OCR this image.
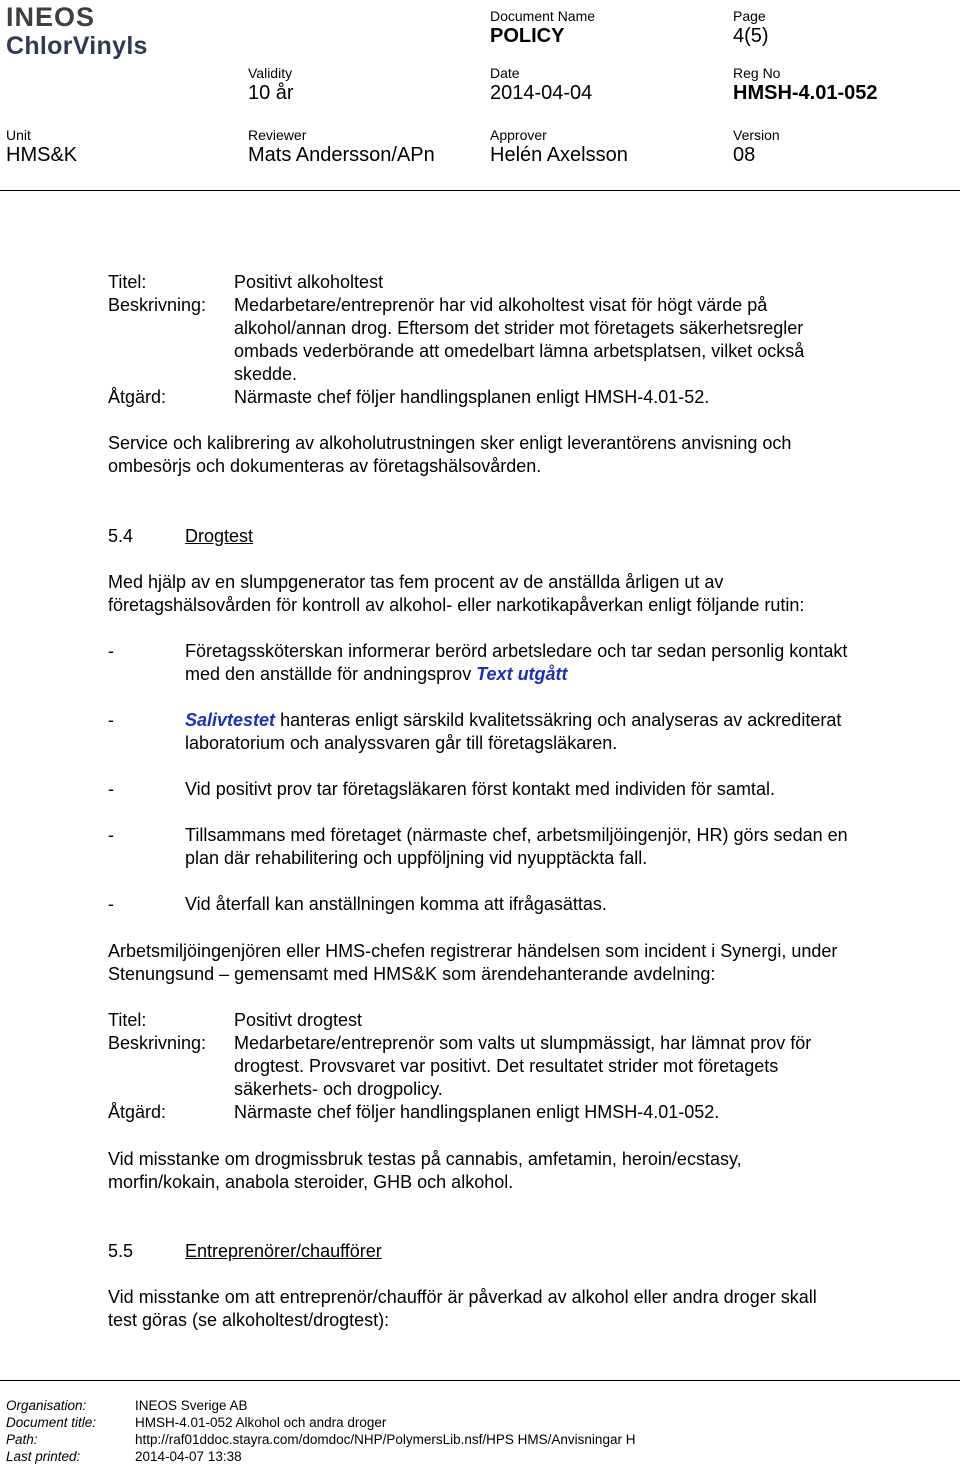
INEOS
ChlorVinyls
Document Name
POLICY
Page
4(5)
Validity
10 år
Date
2014-04-04
Reg No
HMSH-4.01-052
Unit
HMS&K
Reviewer
Mats Andersson/APn
Approver
Helén Axelsson
Version
08
Titel:	Positivt alkoholtest
Beskrivning: Medarbetare/entreprenör har vid alkoholtest visat för högt värde på
alkohol/annan drog. Eftersom det strider mot företagets säkerhetsregler
ombads vederbörande att omedelbart lämna arbetsplatsen, vilket också
skedde.
Åtgärd:	Närmaste chef följer handlingsplanen enligt HMSH-4.01-52.
Service och kalibrering av alkoholutrustningen sker enligt leverantörens anvisning och
ombesörjs och dokumenteras av företagshälsovården.
5.4	Drogtest
Med hjälp av en slumpgenerator tas fem procent av de anställda årligen ut av
företagshälsovården för kontroll av alkohol- eller narkotikapåverkan enligt följande rutin:
-	Företagssköterskan informerar berörd arbetsledare och tar sedan personlig kontakt
med den anställde för andningsprov Text utgått
-	Salivtestet hanteras enligt särskild kvalitetssäkring och analyseras av ackrediterat
laboratorium och analyssvaren går till företagsläkaren.
-	Vid positivt prov tar företagsläkaren först kontakt med individen för samtal.
-	Tillsammans med företaget (närmaste chef, arbetsmiljöingenjör, HR) görs sedan en
plan där rehabilitering och uppföljning vid nyupptäckta fall.
-	Vid återfall kan anställningen komma att ifrågasättas.
Arbetsmiljöingenjören eller HMS-chefen registrerar händelsen som incident i Synergi, under
Stenungsund – gemensamt med HMS&K som ärendehanterande avdelning:
Titel:	Positivt drogtest
Beskrivning: Medarbetare/entreprenör som valts ut slumpmässigt, har lämnat prov för
drogtest. Provsvaret var positivt. Det resultatet strider mot företagets
säkerhets- och drogpolicy.
Åtgärd:	Närmaste chef följer handlingsplanen enligt HMSH-4.01-052.
Vid misstanke om drogmissbruk testas på cannabis, amfetamin, heroin/ecstasy,
morfin/kokain, anabola steroider, GHB och alkohol.
5.5	Entreprenörer/chaufförer
Vid misstanke om att entreprenör/chaufför är påverkad av alkohol eller andra droger skall
test göras (se alkoholtest/drogtest):
Organisation:	INEOS Sverige AB
Document title:	HMSH-4.01-052 Alkohol och andra droger
Path:	http://raf01ddoc.stayra.com/domdoc/NHP/PolymersLib.nsf/HPS HMS/Anvisningar H
Last printed:	2014-04-07 13:38
